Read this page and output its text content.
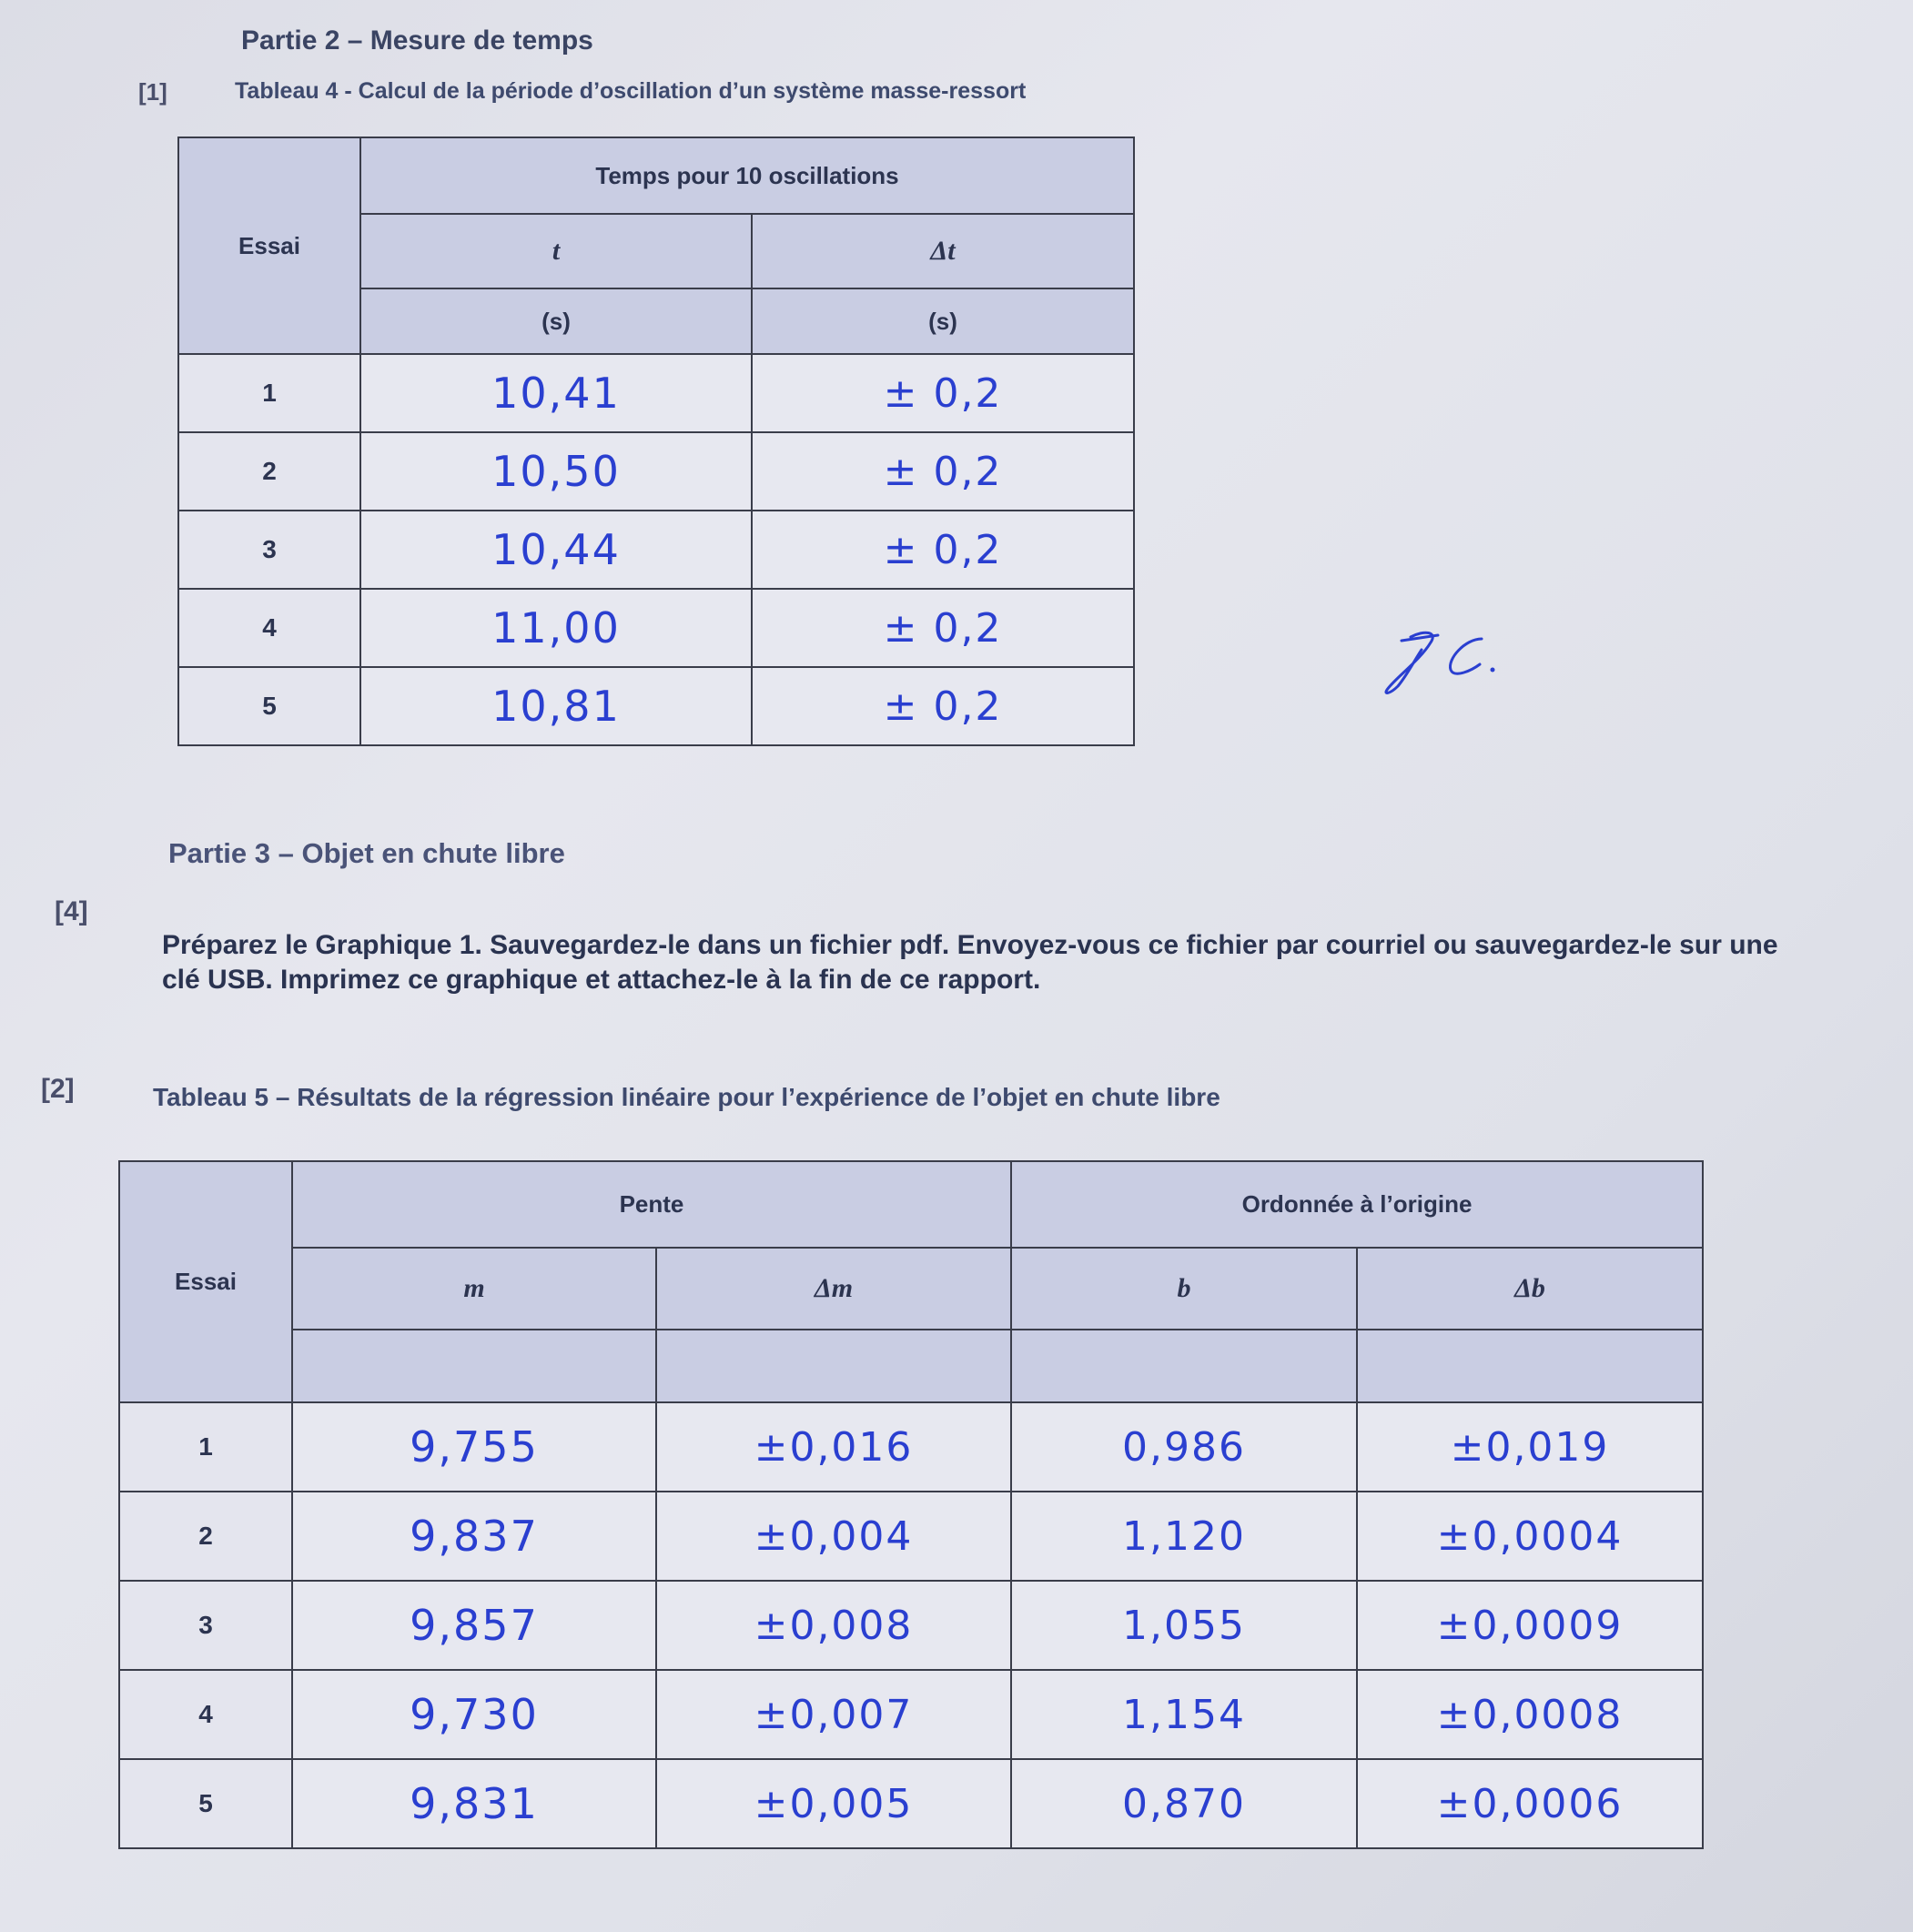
Partie 2 – Mesure de temps
[1]	Tableau 4 - Calcul de la période d’oscillation d’un système masse-ressort
Essai	Temps pour 10 oscillations	
	t	Δt
	(s)	(s)
1	10,41	± 0,2
2	10,50	± 0,2
3	10,44	± 0,2
4	11,00	± 0,2
5	10,81	± 0,2
Partie 3 – Objet en chute libre
[4]
Préparez le Graphique 1. Sauvegardez-le dans un fichier pdf. Envoyez-vous ce fichier par courriel ou sauvegardez-le sur une clé USB. Imprimez ce graphique et attachez-le à la fin de ce rapport.
[2]	Tableau 5 – Résultats de la régression linéaire pour l’expérience de l’objet en chute libre
Essai	Pente		Ordonnée à l’origine	
	m	Δm	b	Δb

1	9,755	±0,016	0,986	±0,019
2	9,837	±0,004	1,120	±0,0004
3	9,857	±0,008	1,055	±0,0009
4	9,730	±0,007	1,154	±0,0008
5	9,831	±0,005	0,870	±0,0006
